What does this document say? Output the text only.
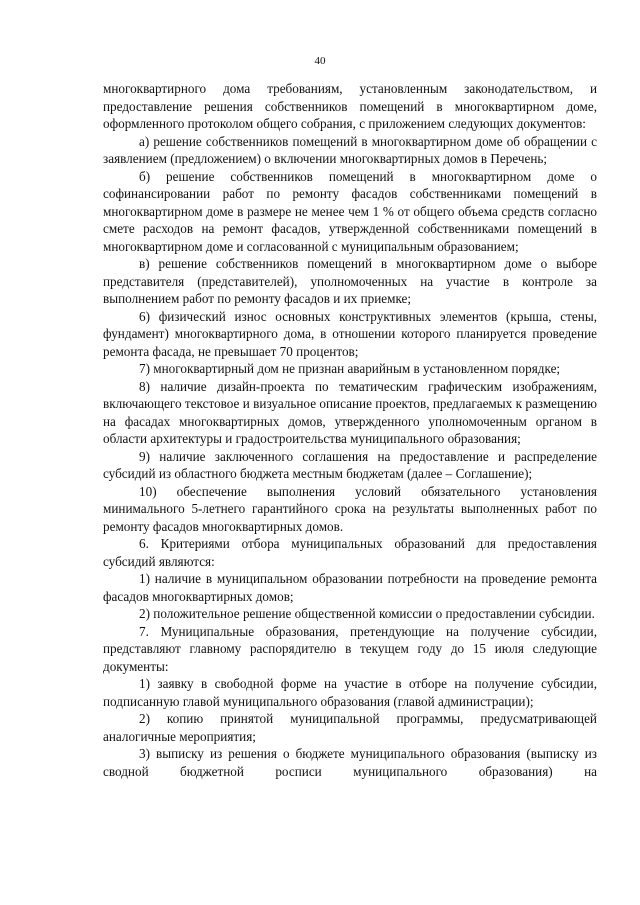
40

многоквартирного дома требованиям, установленным законодательством, и предоставление решения собственников помещений в многоквартирном доме, оформленного протоколом общего собрания, с приложением следующих документов:

а) решение собственников помещений в многоквартирном доме об обращении с заявлением (предложением) о включении многоквартирных домов в Перечень;

б) решение собственников помещений в многоквартирном доме о софинансировании работ по ремонту фасадов собственниками помещений в многоквартирном доме в размере не менее чем 1 % от общего объема средств согласно смете расходов на ремонт фасадов, утвержденной собственниками помещений в многоквартирном доме и согласованной с муниципальным образованием;

в) решение собственников помещений в многоквартирном доме о выборе представителя (представителей), уполномоченных на участие в контроле за выполнением работ по ремонту фасадов и их приемке;

6) физический износ основных конструктивных элементов (крыша, стены, фундамент) многоквартирного дома, в отношении которого планируется проведение ремонта фасада, не превышает 70 процентов;

7) многоквартирный дом не признан аварийным в установленном порядке;

8) наличие дизайн-проекта по тематическим графическим изображениям, включающего текстовое и визуальное описание проектов, предлагаемых к размещению на фасадах многоквартирных домов, утвержденного уполномоченным органом в области архитектуры и градостроительства муниципального образования;

9) наличие заключенного соглашения на предоставление и распределение субсидий из областного бюджета местным бюджетам (далее – Соглашение);

10) обеспечение выполнения условий обязательного установления минимального 5-летнего гарантийного срока на результаты выполненных работ по ремонту фасадов многоквартирных домов.

6. Критериями отбора муниципальных образований для предоставления субсидий являются:

1) наличие в муниципальном образовании потребности на проведение ремонта фасадов многоквартирных домов;

2) положительное решение общественной комиссии о предоставлении субсидии.

7. Муниципальные образования, претендующие на получение субсидии, представляют главному распорядителю в текущем году до 15 июля следующие документы:

1) заявку в свободной форме на участие в отборе на получение субсидии, подписанную главой муниципального образования (главой администрации);

2) копию принятой муниципальной программы, предусматривающей аналогичные мероприятия;

3) выписку из решения о бюджете муниципального образования (выписку из сводной бюджетной росписи муниципального образования) на
